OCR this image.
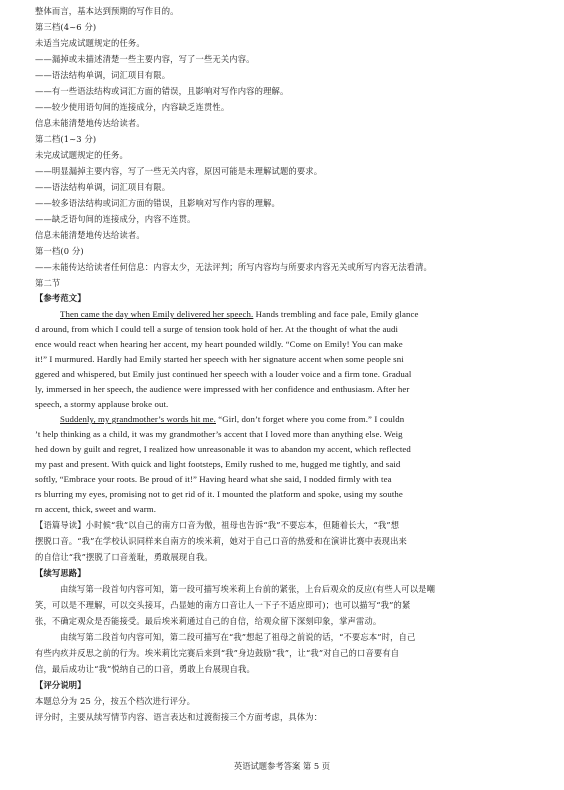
整体而言，基本达到预期的写作目的。
第三档(4~6 分)
未适当完成试题规定的任务。
——漏掉或未描述清楚一些主要内容，写了一些无关内容。
——语法结构单调，词汇项目有限。
——有一些语法结构或词汇方面的错误，且影响对写作内容的理解。
——较少使用语句间的连接成分，内容缺乏连贯性。
信息未能清楚地传达给读者。
第二档(1~3 分)
未完成试题规定的任务。
——明显漏掉主要内容，写了一些无关内容，原因可能是未理解试题的要求。
——语法结构单调，词汇项目有限。
——较多语法结构或词汇方面的错误，且影响对写作内容的理解。
——缺乏语句间的连接成分，内容不连贯。
信息未能清楚地传达给读者。
第一档(0 分)
——未能传达给读者任何信息：内容太少，无法评判；所写内容均与所要求内容无关或所写内容无法看清。
第二节
【参考范文】
Then came the day when Emily delivered her speech. Hands trembling and face pale, Emily glance
d around, from which I could tell a surge of tension took hold of her. At the thought of what the audi
ence would react when hearing her accent, my heart pounded wildly. “Come on Emily! You can make
it!” I murmured. Hardly had Emily started her speech with her signature accent when some people sni
ggered and whispered, but Emily just continued her speech with a louder voice and a firm tone. Gradual
ly, immersed in her speech, the audience were impressed with her confidence and enthusiasm. After her
speech, a stormy applause broke out.
Suddenly, my grandmother’s words hit me. “Girl, don’t forget where you come from.” I couldn
’t help thinking as a child, it was my grandmother’s accent that I loved more than anything else. Weig
hed down by guilt and regret, I realized how unreasonable it was to abandon my accent, which reflected
my past and present. With quick and light footsteps, Emily rushed to me, hugged me tightly, and said
softly, “Embrace your roots. Be proud of it!” Having heard what she said, I nodded firmly with tea
rs blurring my eyes, promising not to get rid of it. I mounted the platform and spoke, using my southe
rn accent, thick, sweet and warm.
【语篇导读】小时候“我”以自己的南方口音为傲，祖母也告诉“我”不要忘本，但随着长大，“我”想
摆脱口音。“我”在学校认识同样来自南方的埃米莉，她对于自己口音的热爱和在演讲比赛中表现出来
的自信让“我”摆脱了口音羞耻，勇敢展现自我。
【续写思路】
由续写第一段首句内容可知，第一段可描写埃米莉上台前的紧张，上台后观众的反应(有些人可以是嘲
笑，可以是不理解，可以交头接耳，凸显她的南方口音让人一下子不适应即可)；也可以描写“我”的紧
张，不确定观众是否能接受。最后埃米莉通过自己的自信，给观众留下深刻印象，掌声雷动。
由续写第二段首句内容可知，第二段可描写在“我”想起了祖母之前说的话，“不要忘本”时，自己
有些内疚并反思之前的行为。埃米莉比完赛后来到“我”身边鼓励“我”，让“我”对自己的口音要有自
信，最后成功让“我”悦纳自己的口音，勇敢上台展现自我。
【评分说明】
本题总分为 25 分，按五个档次进行评分。
评分时，主要从续写情节内容、语言表达和过渡衔接三个方面考虑，具体为：
英语试题参考答案 第 5 页
